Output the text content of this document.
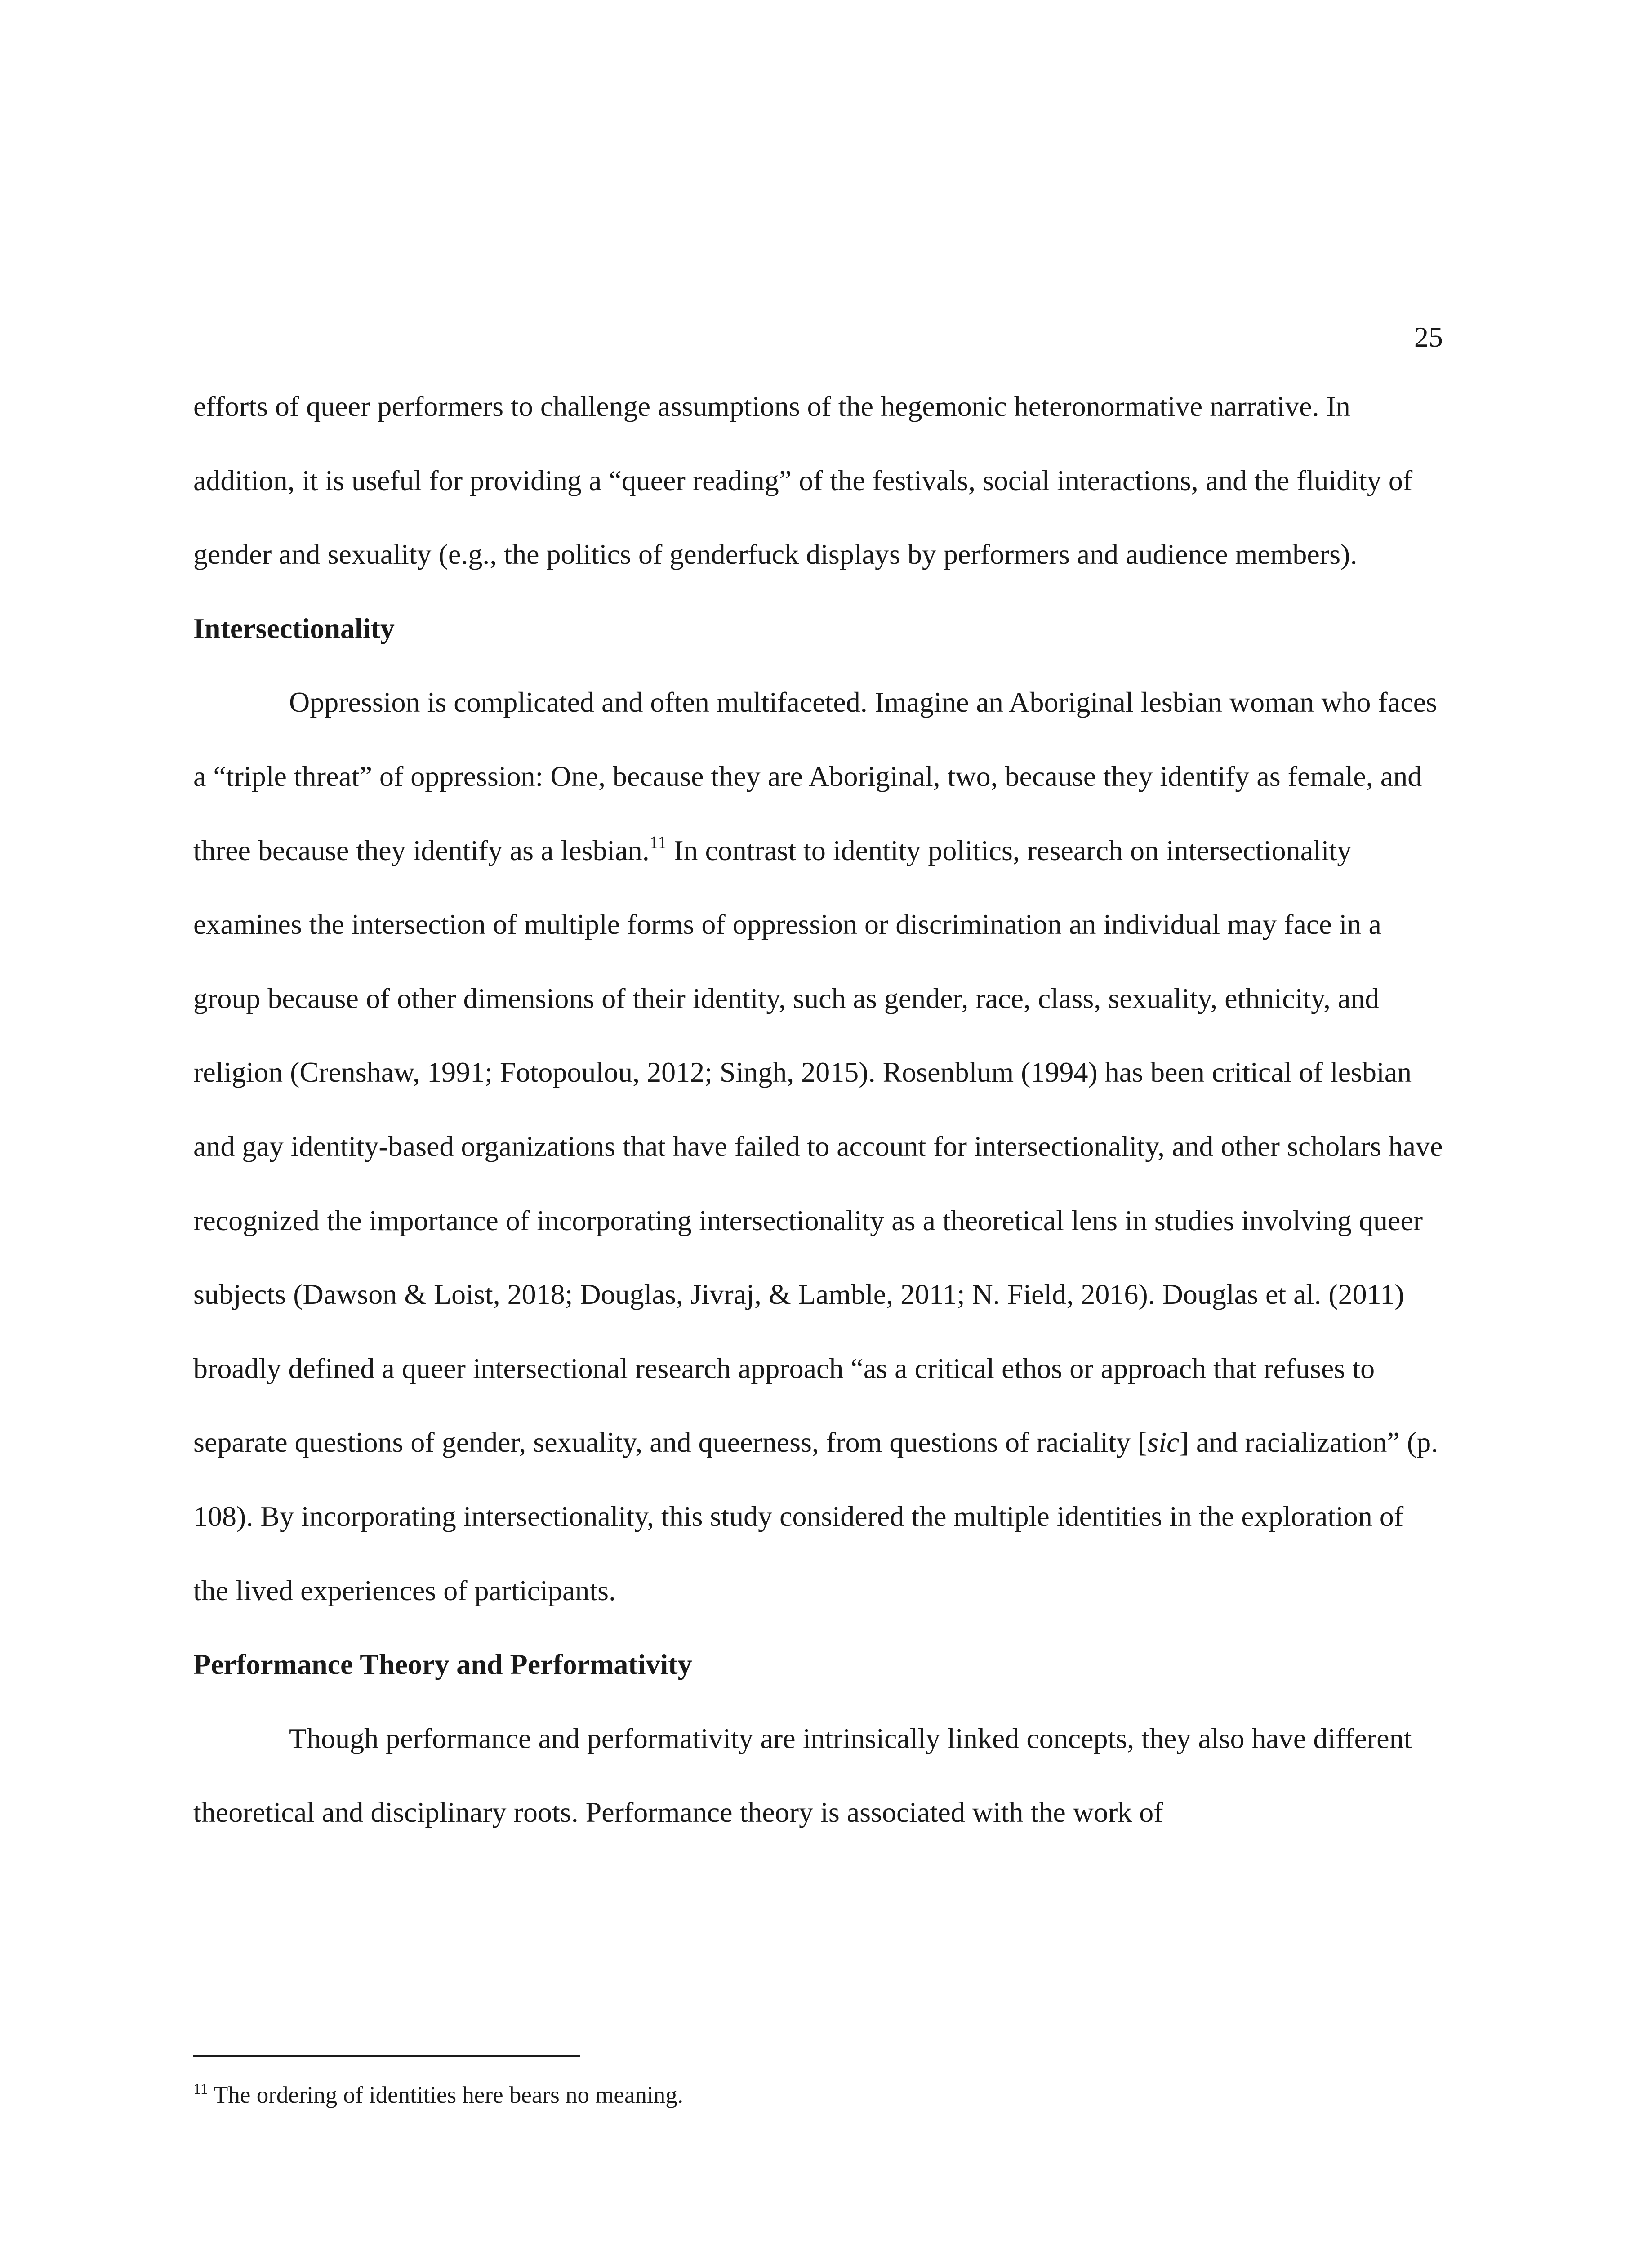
25

efforts of queer performers to challenge assumptions of the hegemonic heteronormative narrative. In addition, it is useful for providing a “queer reading” of the festivals, social interactions, and the fluidity of gender and sexuality (e.g., the politics of genderfuck displays by performers and audience members).

Intersectionality

Oppression is complicated and often multifaceted. Imagine an Aboriginal lesbian woman who faces a “triple threat” of oppression: One, because they are Aboriginal, two, because they identify as female, and three because they identify as a lesbian.$^{11}$ In contrast to identity politics, research on intersectionality examines the intersection of multiple forms of oppression or discrimination an individual may face in a group because of other dimensions of their identity, such as gender, race, class, sexuality, ethnicity, and religion (Crenshaw, 1991; Fotopoulou, 2012; Singh, 2015). Rosenblum (1994) has been critical of lesbian and gay identity-based organizations that have failed to account for intersectionality, and other scholars have recognized the importance of incorporating intersectionality as a theoretical lens in studies involving queer subjects (Dawson & Loist, 2018; Douglas, Jivraj, & Lamble, 2011; N. Field, 2016). Douglas et al. (2011) broadly defined a queer intersectional research approach “as a critical ethos or approach that refuses to separate questions of gender, sexuality, and queerness, from questions of raciality [sic] and racialization” (p. 108). By incorporating intersectionality, this study considered the multiple identities in the exploration of the lived experiences of participants.

Performance Theory and Performativity

Though performance and performativity are intrinsically linked concepts, they also have different theoretical and disciplinary roots. Performance theory is associated with the work of

$^{11}$ The ordering of identities here bears no meaning.
